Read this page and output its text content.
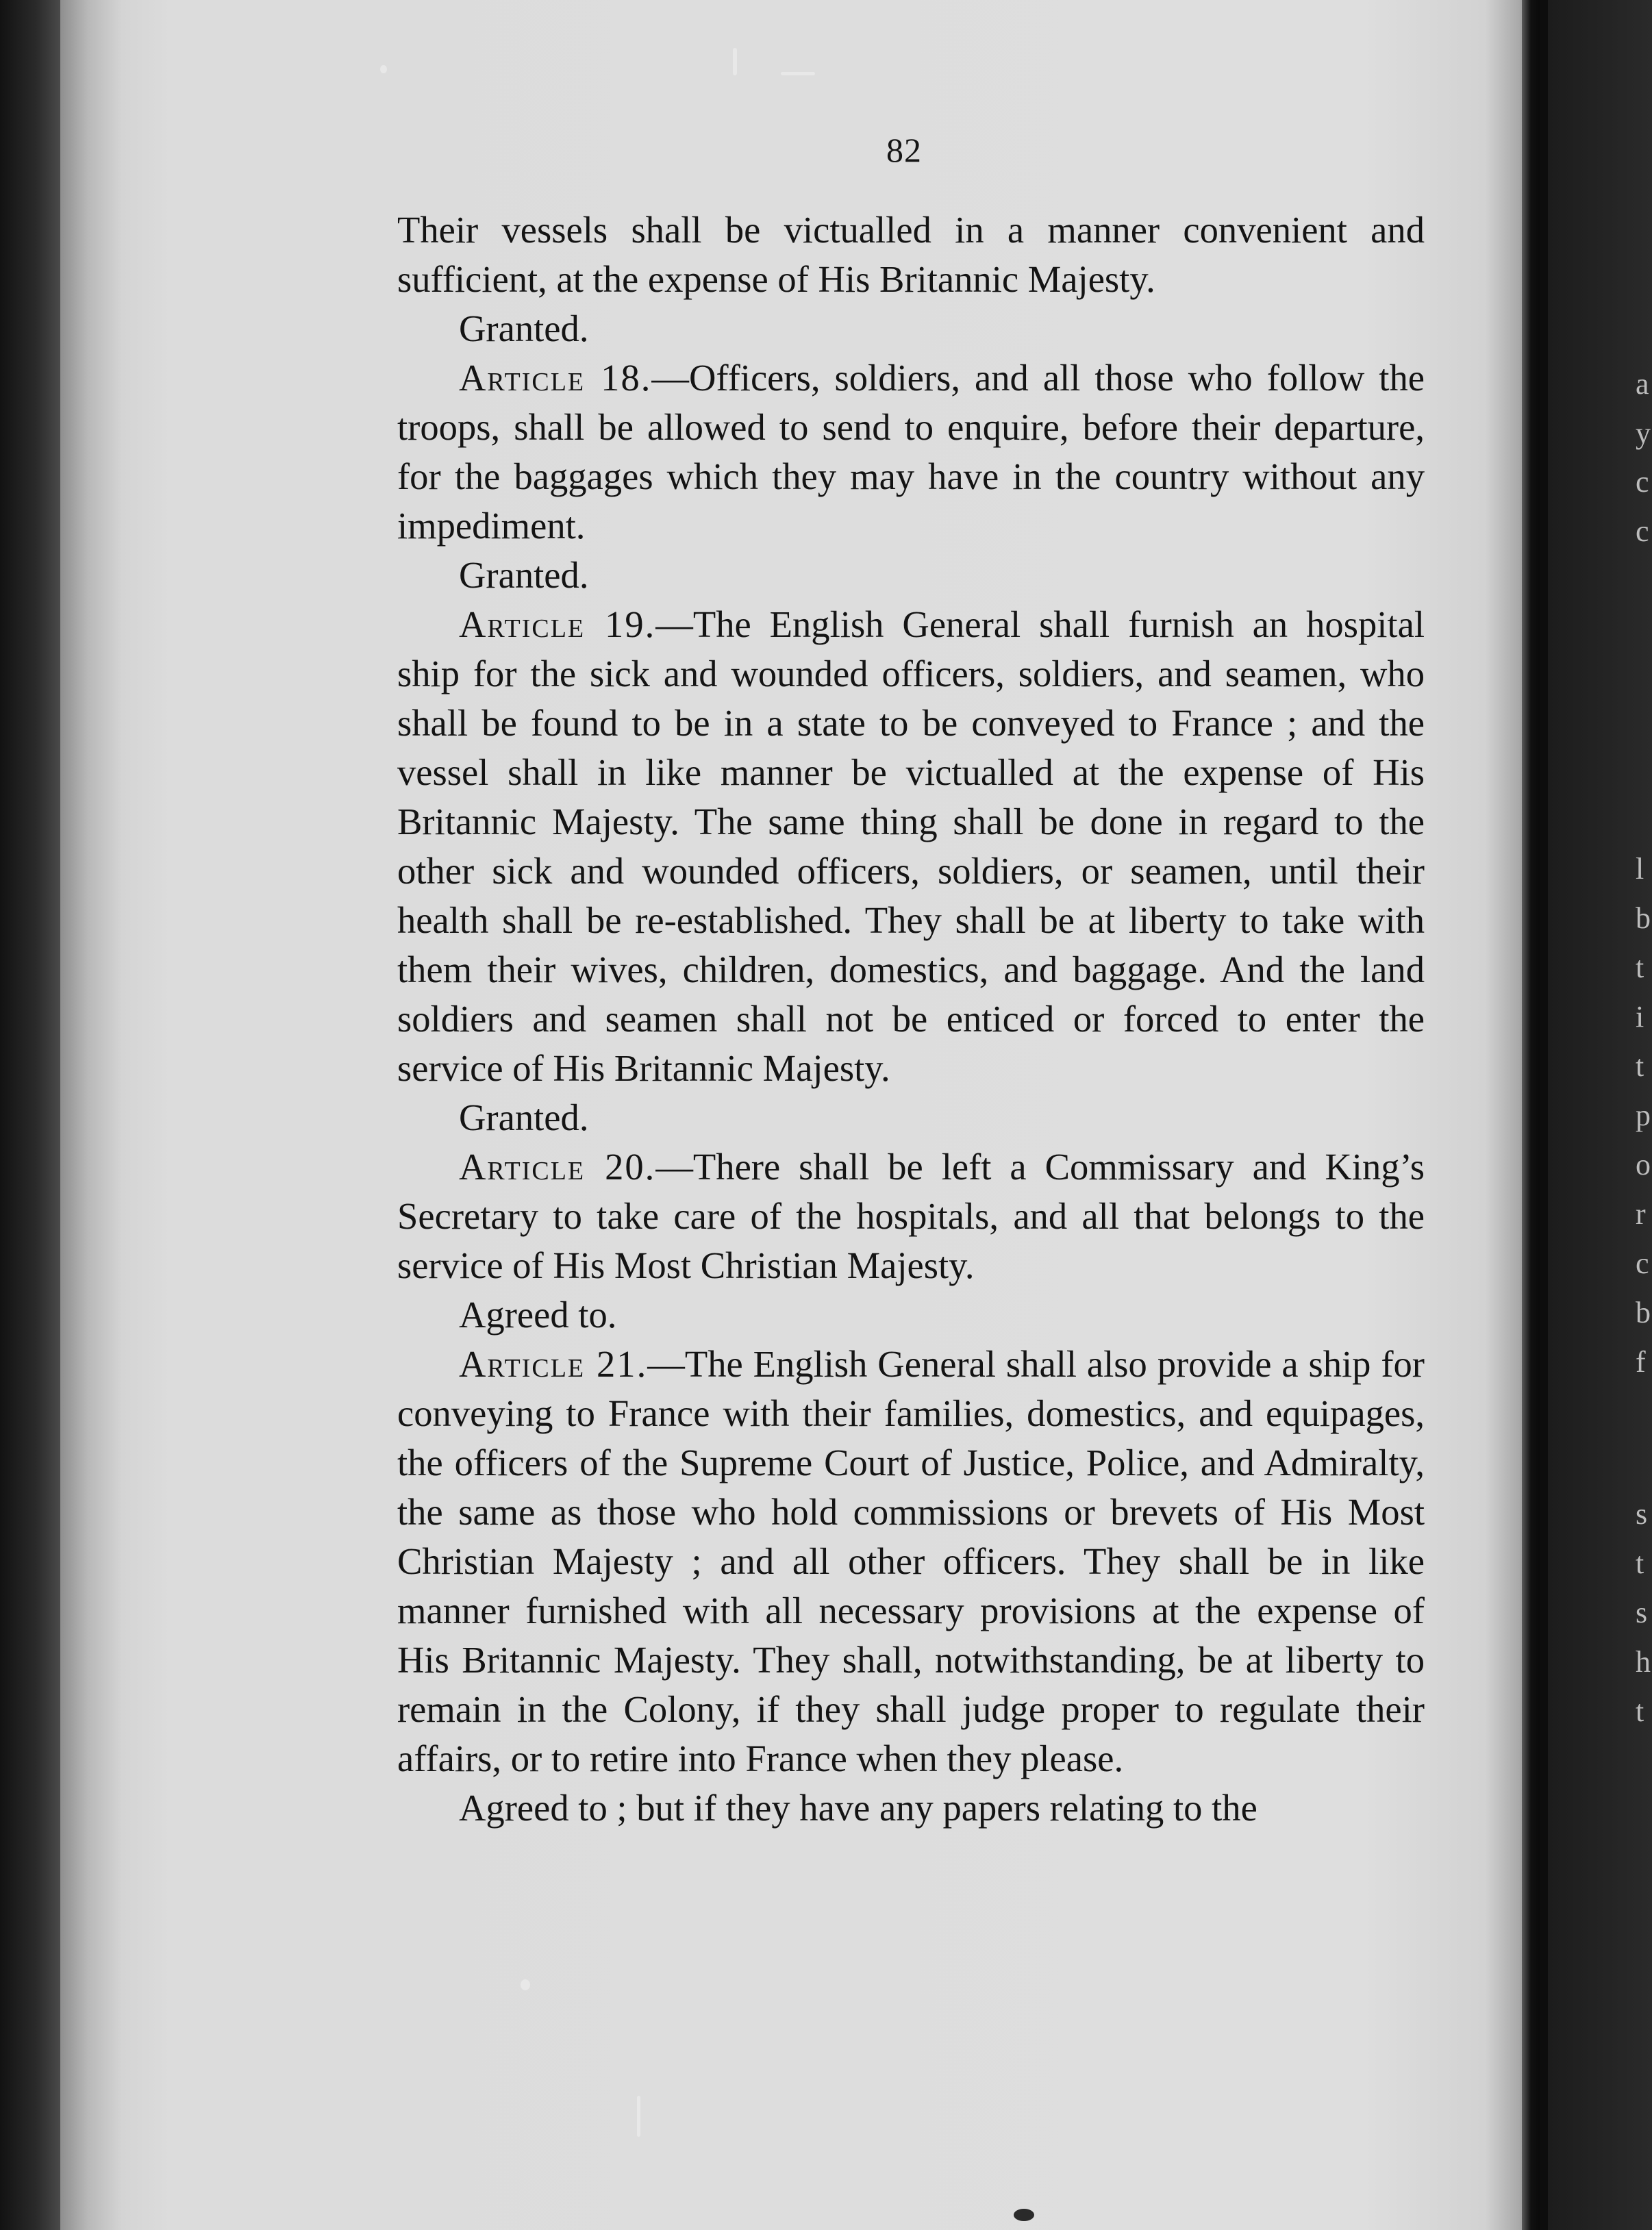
82

Their vessels shall be victualled in a manner convenient and sufficient, at the expense of His Britannic Majesty.

Granted.

Article 18.—Officers, soldiers, and all those who follow the troops, shall be allowed to send to enquire, before their departure, for the baggages which they may have in the country without any impediment.

Granted.

Article 19.—The English General shall furnish an hospital ship for the sick and wounded officers, soldiers, and seamen, who shall be found to be in a state to be conveyed to France ; and the vessel shall in like manner be victualled at the expense of His Britannic Majesty. The same thing shall be done in regard to the other sick and wounded officers, soldiers, or seamen, until their health shall be re-established. They shall be at liberty to take with them their wives, children, domestics, and baggage. And the land soldiers and seamen shall not be enticed or forced to enter the service of His Britannic Majesty.

Granted.

Article 20.—There shall be left a Commissary and King’s Secretary to take care of the hospitals, and all that belongs to the service of His Most Christian Majesty.

Agreed to.

Article 21.—The English General shall also provide a ship for conveying to France with their families, domestics, and equipages, the officers of the Supreme Court of Justice, Police, and Admiralty, the same as those who hold commissions or brevets of His Most Christian Majesty ; and all other officers. They shall be in like manner furnished with all necessary provisions at the expense of His Britannic Majesty. They shall, notwithstanding, be at liberty to remain in the Colony, if they shall judge proper to regulate their affairs, or to retire into France when they please.

Agreed to ; but if they have any papers relating to the

a
y
c
c
l
b
t
i
t
p
o
r
c
b
f
s
t
s
h
t
